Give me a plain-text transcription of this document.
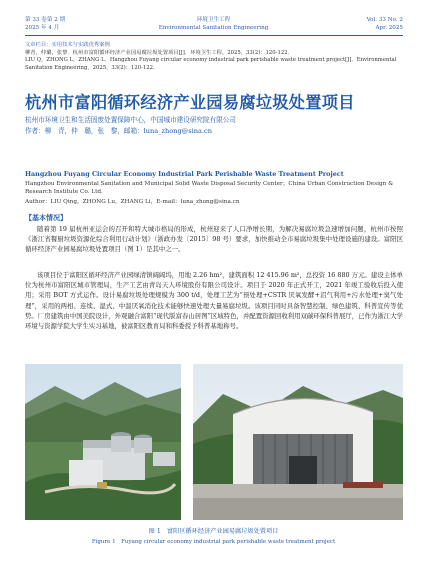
第 33 卷第 2 期
2025 年 4 月
环境卫生工程
Environmental Sanitation Engineering
Vol. 33 No. 2
Apr. 2025
文章栏目：实用技术与实践优秀案例
柳青，仲璐，张黎．杭州市富阳循环经济产业园易腐垃圾处置项目[J]．环境卫生工程，2025，33(2)：120-122．
LIU Q，ZHONG L，ZHANG L．Hangzhou Fuyang circular economy industrial park perishable waste treatment project[J]．Environmental Sanitation Engineering，2025，33(2)：120-122．
杭州市富阳循环经济产业园易腐垃圾处置项目
杭州市环境卫生和生活固废处置保障中心，中国城市建设研究院有限公司
作者：柳　青，仲　璐，张　黎，邮箱：luna_zhong@sina.cn
Hangzhou Fuyang Circular Economy Industrial Park Perishable Waste Treatment Project
Hangzhou Environmental Sanitation and Municipal Solid Waste Disposal Security Center；China Urban Construction Design & Research Institute Co. Ltd.
Author：LIU Qing，ZHONG Lu，ZHANG Li，E-mail：luna_zhong@sina.cn
【基本情况】
随着第 19 届杭州亚运会的召开和特大城市格局的形成，杭州迎来了人口净增长期，为解决易腐垃圾急速增加问题，杭州市按照《浙江省餐厨垃圾资源化综合利用行动计划》（浙政办发〔2015〕98 号）要求，加快推动全市易腐垃圾集中处理设施的建设。富阳区循环经济产业园易腐垃圾处置项目（图 1）是其中之一。
该项目位于富阳区循环经济产业园绿清镇阔阔坞，用地 2.26 hm²，建筑面积 12 415.96 m²，总投资 16 880 万元。建设主体单位为杭州市富阳区城市管理局，生产工艺由青岛天人环境股份有限公司设计。项目于 2020 年正式开工，2021 年竣工验收后投入使用；采用 BOT 方式运作。设计易腐垃圾处理规模为 300 t/d，处理工艺为“预处理+CSTR 厌氧发酵+沼气利用+污水处理+臭气处理”，采用的两相、连续、湿式、中温厌氧消化技术能够快速处理大量易腐垃圾。该项目同时具备智慧控制、绿色建筑、科普宣传等优势。厂房建筑由中国美院设计，外观融合富阳“现代版富春山居图”区域特色，并配置资源回收利用双碳环保科普展厅，已作为浙江大学环境与资源学院大学生实习基地，被富阳区教育局和科委授予科普基地称号。
图 1　富阳区循环经济产业园易腐垃圾处置项目
Figure 1　Fuyang circular economy industrial park perishable waste treatment project
